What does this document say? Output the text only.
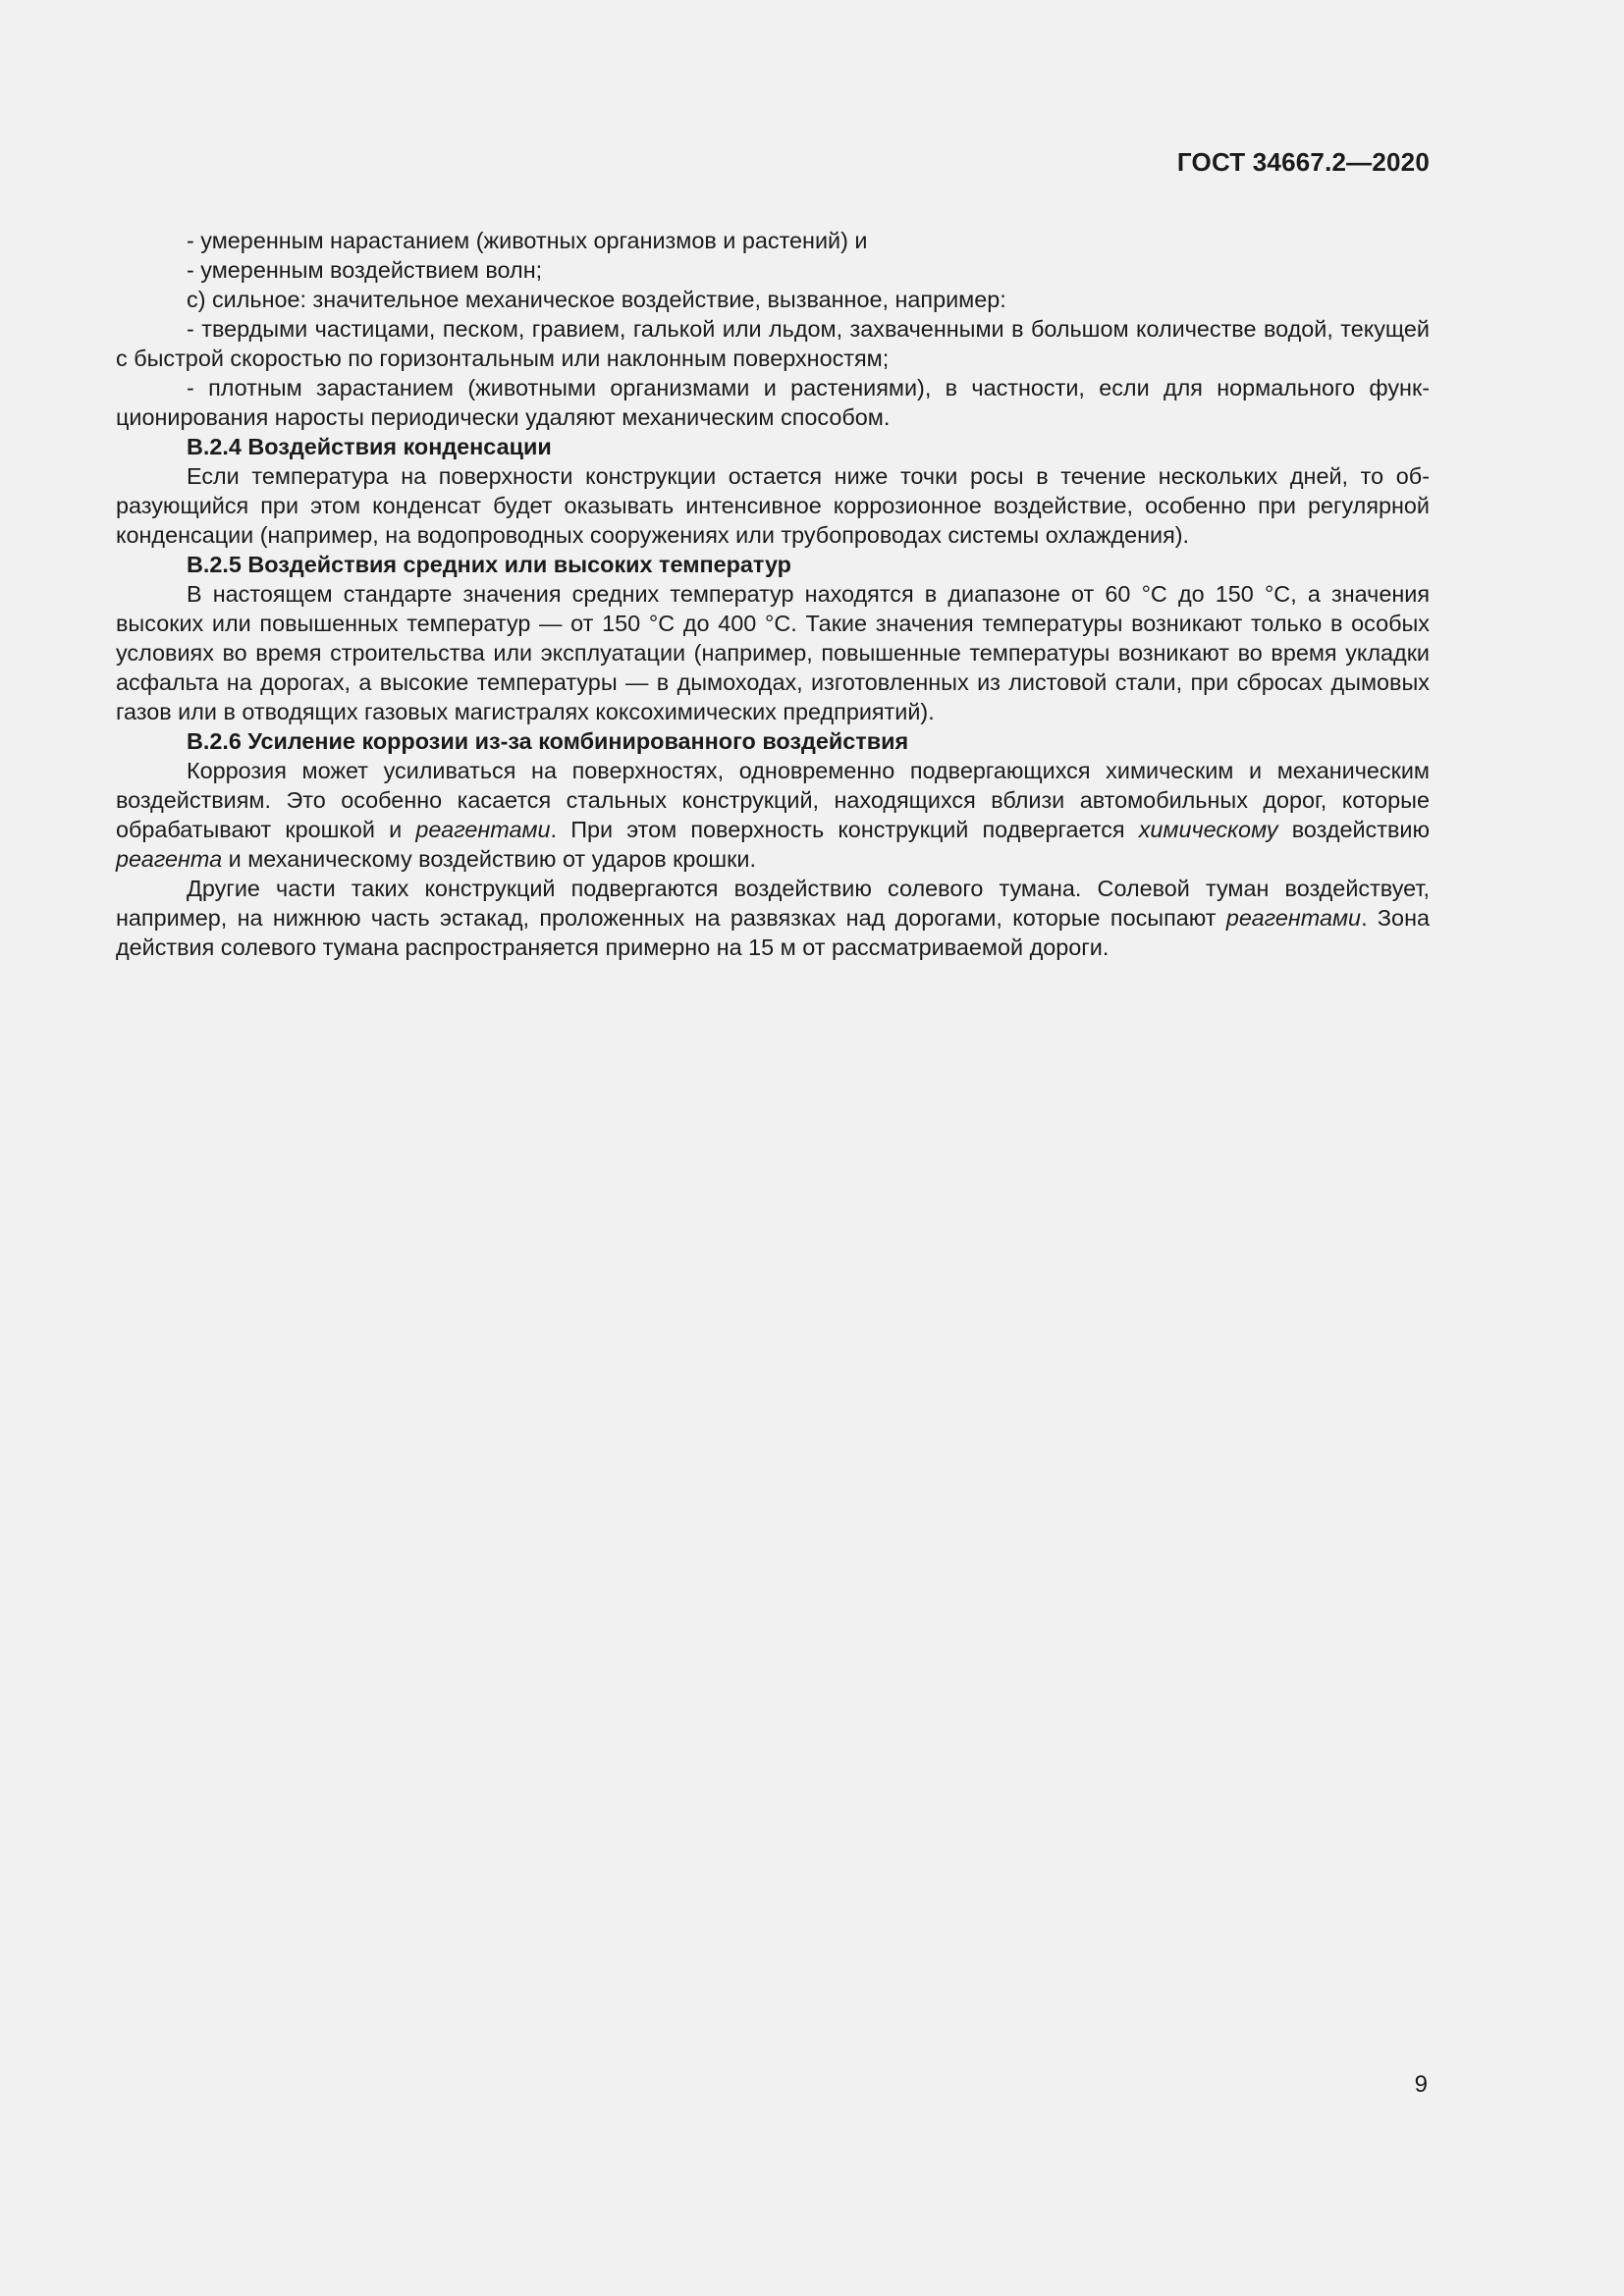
ГОСТ 34667.2—2020

- умеренным нарастанием (животных организмов и растений) и

- умеренным воздействием волн;

с) сильное: значительное механическое воздействие, вызванное, например:

- твердыми частицами, песком, гравием, галькой или льдом, захваченными в большом количестве водой, текущей с быстрой скоростью по горизонтальным или наклонным поверхностям;

- плотным зарастанием (животными организмами и растениями), в частности, если для нормального функционирования наросты периодически удаляют механическим способом.

В.2.4 Воздействия конденсации

Если температура на поверхности конструкции остается ниже точки росы в течение нескольких дней, то образующийся при этом конденсат будет оказывать интенсивное коррозионное воздействие, особенно при регулярной конденсации (например, на водопроводных сооружениях или трубопроводах системы охлаждения).

В.2.5 Воздействия средних или высоких температур

В настоящем стандарте значения средних температур находятся в диапазоне от 60 °С до 150 °С, а значения высоких или повышенных температур — от 150 °С до 400 °С. Такие значения температуры возникают только в особых условиях во время строительства или эксплуатации (например, повышенные температуры возникают во время укладки асфальта на дорогах, а высокие температуры — в дымоходах, изготовленных из листовой стали, при сбросах дымовых газов или в отводящих газовых магистралях коксохимических предприятий).

В.2.6 Усиление коррозии из-за комбинированного воздействия

Коррозия может усиливаться на поверхностях, одновременно подвергающихся химическим и механическим воздействиям. Это особенно касается стальных конструкций, находящихся вблизи автомобильных дорог, которые обрабатывают крошкой и реагентами. При этом поверхность конструкций подвергается химическому воздействию реагента и механическому воздействию от ударов крошки.

Другие части таких конструкций подвергаются воздействию солевого тумана. Солевой туман воздействует, например, на нижнюю часть эстакад, проложенных на развязках над дорогами, которые посыпают реагентами. Зона действия солевого тумана распространяется примерно на 15 м от рассматриваемой дороги.

9
